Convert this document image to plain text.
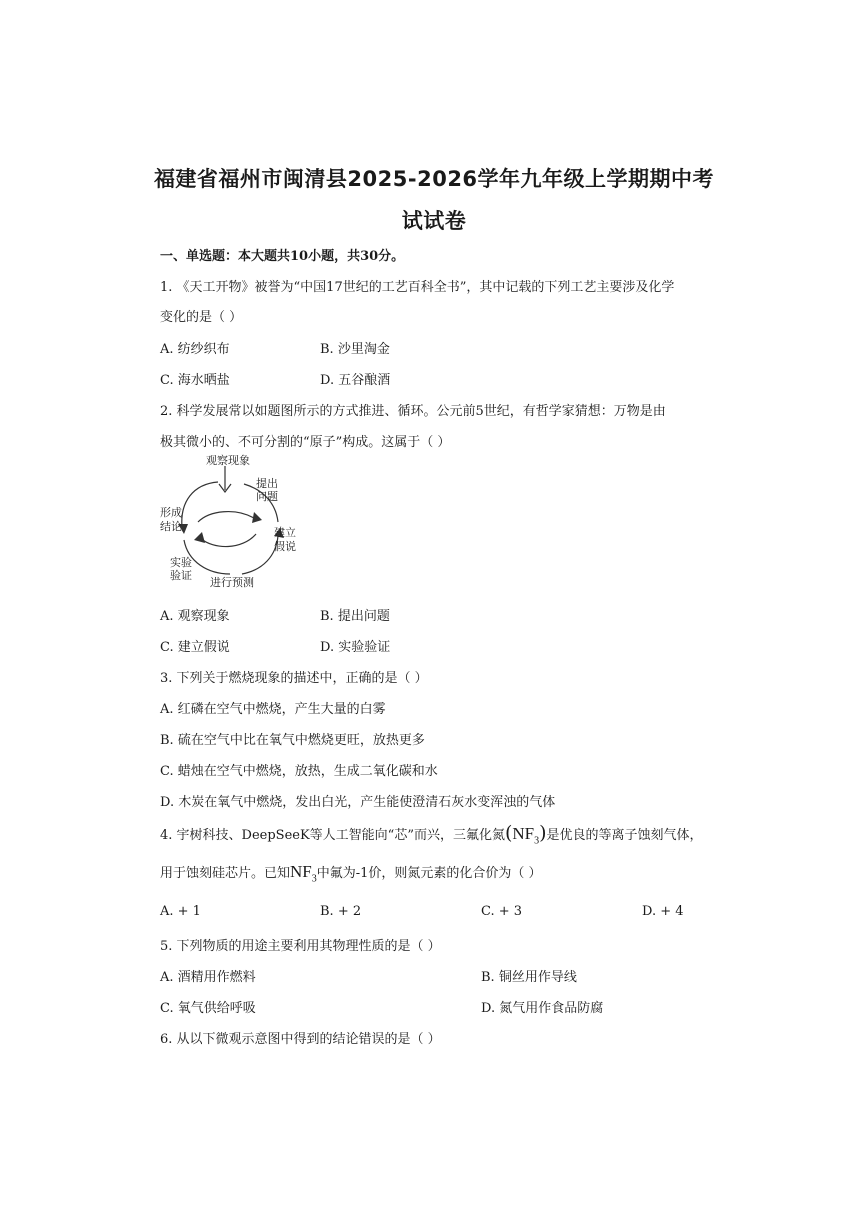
福建省福州市闽清县2025-2026学年九年级上学期期中考
试试卷
一、单选题：本大题共10小题，共30分。
1. 《天工开物》被誉为“中国17世纪的工艺百科全书”，其中记载的下列工艺主要涉及化学
变化的是（ ）
A. 纺纱织布	B. 沙里淘金
C. 海水晒盐	D. 五谷酿酒
2. 科学发展常以如题图所示的方式推进、循环。公元前5世纪，有哲学家猜想：万物是由
极其微小的、不可分割的“原子”构成。这属于（ ）
观察现象
提出
问题
建立
假说
进行预测
实验
验证
形成
结论
A. 观察现象	B. 提出问题
C. 建立假说	D. 实验验证
3. 下列关于燃烧现象的描述中，正确的是（ ）
A. 红磷在空气中燃烧，产生大量的白雾
B. 硫在空气中比在氧气中燃烧更旺，放热更多
C. 蜡烛在空气中燃烧，放热，生成二氧化碳和水
D. 木炭在氧气中燃烧，发出白光，产生能使澄清石灰水变浑浊的气体
4. 宇树科技、DeepSeeK等人工智能向“芯”而兴，三氟化氮$(NF_3)$是优良的等离子蚀刻气体，
用于蚀刻硅芯片。已知$NF_3$中氟为-1价，则氮元素的化合价为（ ）
A. + 1	B. + 2	C. + 3	D. + 4
5. 下列物质的用途主要利用其物理性质的是（ ）
A. 酒精用作燃料	B. 铜丝用作导线
C. 氧气供给呼吸	D. 氮气用作食品防腐
6. 从以下微观示意图中得到的结论错误的是（ ）
